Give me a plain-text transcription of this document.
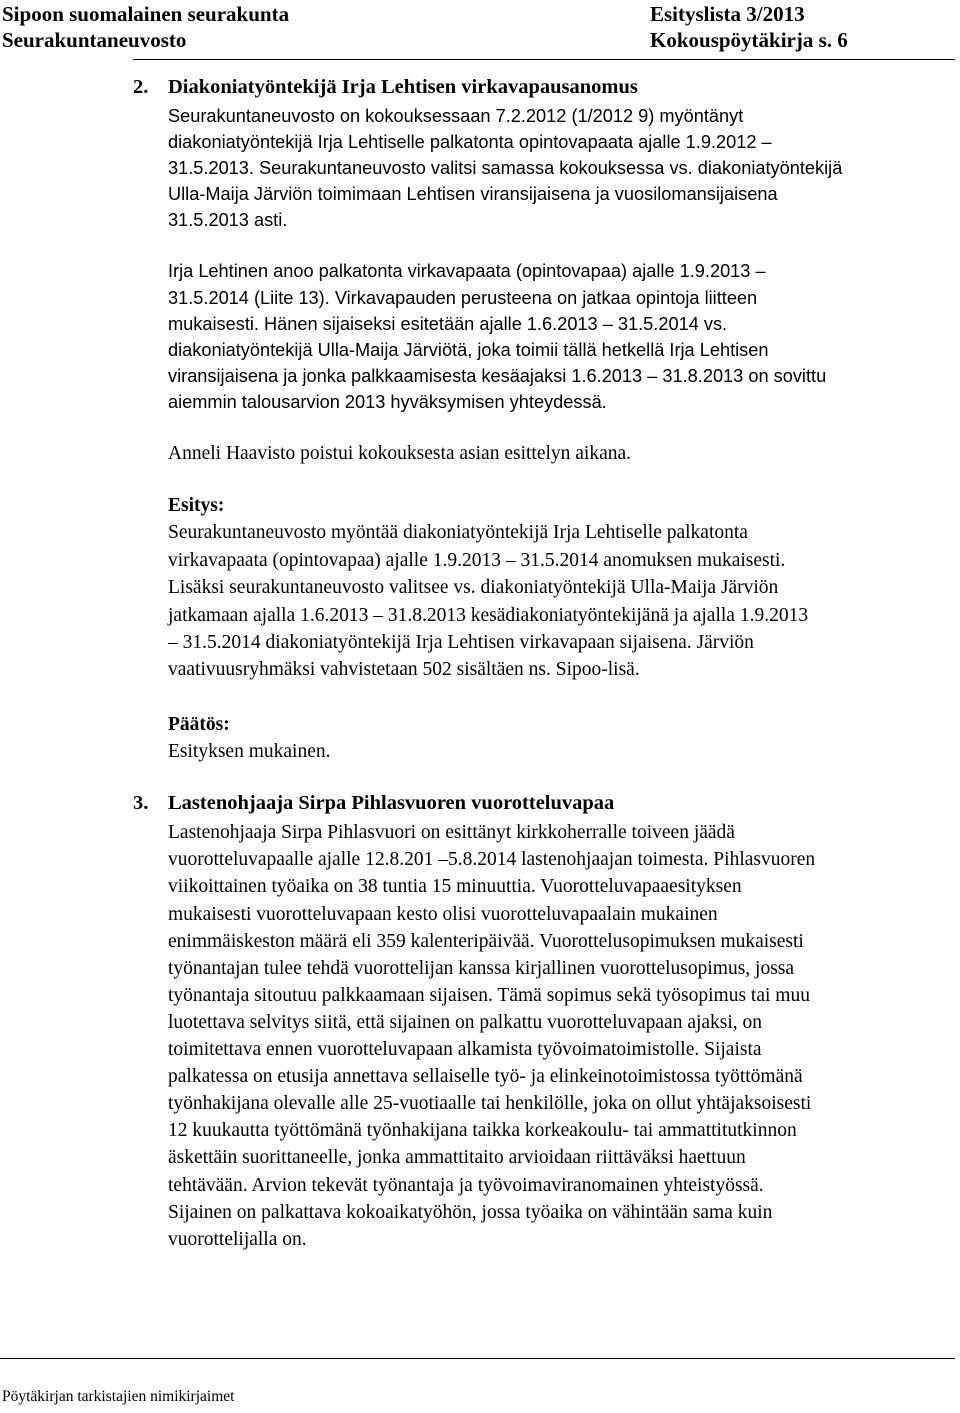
Sipoon suomalainen seurakunta
Seurakuntaneuvosto
Esityslista 3/2013
Kokouspöytäkirja s. 6
2. Diakoniatyöntekijä Irja Lehtisen virkavapausanomus
Seurakuntaneuvosto on kokouksessaan 7.2.2012 (1/2012 9) myöntänyt
diakoniatyöntekijä Irja Lehtiselle palkatonta opintovapaata ajalle 1.9.2012 –
31.5.2013. Seurakuntaneuvosto valitsi samassa kokouksessa vs. diakoniatyöntekijä
Ulla-Maija Järviön toimimaan Lehtisen viransijaisena ja vuosilomansijaisena
31.5.2013 asti.
Irja Lehtinen anoo palkatonta virkavapaata (opintovapaa) ajalle 1.9.2013 –
31.5.2014 (Liite 13). Virkavapauden perusteena on jatkaa opintoja liitteen
mukaisesti. Hänen sijaiseksi esitetään ajalle 1.6.2013 – 31.5.2014 vs.
diakoniatyöntekijä Ulla-Maija Järviötä, joka toimii tällä hetkellä Irja Lehtisen
viransijaisena ja jonka palkkaamisesta kesäajaksi 1.6.2013 – 31.8.2013 on sovittu
aiemmin talousarvion 2013 hyväksymisen yhteydessä.
Anneli Haavisto poistui kokouksesta asian esittelyn aikana.
Esitys:
Seurakuntaneuvosto myöntää diakoniatyöntekijä Irja Lehtiselle palkatonta
virkavapaata (opintovapaa) ajalle 1.9.2013 – 31.5.2014 anomuksen mukaisesti.
Lisäksi seurakuntaneuvosto valitsee vs. diakoniatyöntekijä Ulla-Maija Järviön
jatkamaan ajalla 1.6.2013 – 31.8.2013 kesädiakoniatyöntekijänä ja ajalla 1.9.2013
– 31.5.2014 diakoniatyöntekijä Irja Lehtisen virkavapaan sijaisena. Järviön
vaativuusryhmäksi vahvistetaan 502 sisältäen ns. Sipoo-lisä.
Päätös:
Esityksen mukainen.
3. Lastenohjaaja Sirpa Pihlasvuoren vuorotteluvapaa
Lastenohjaaja Sirpa Pihlasvuori on esittänyt kirkkoherralle toiveen jäädä
vuorotteluvapaalle ajalle 12.8.201 –5.8.2014 lastenohjaajan toimesta. Pihlasvuoren
viikoittainen työaika on 38 tuntia 15 minuuttia. Vuorotteluvapaaesityksen
mukaisesti vuorotteluvapaan kesto olisi vuorotteluvapaalain mukainen
enimmäiskeston määrä eli 359 kalenteripäivää. Vuorottelusopimuksen mukaisesti
työnantajan tulee tehdä vuorottelijan kanssa kirjallinen vuorottelusopimus, jossa
työnantaja sitoutuu palkkaamaan sijaisen. Tämä sopimus sekä työsopimus tai muu
luotettava selvitys siitä, että sijainen on palkattu vuorotteluvapaan ajaksi, on
toimitettava ennen vuorotteluvapaan alkamista työvoimatoimistolle. Sijaista
palkatessa on etusija annettava sellaiselle työ- ja elinkeinotoimistossa työttömänä
työnhakijana olevalle alle 25-vuotiaalle tai henkilölle, joka on ollut yhtäjaksoisesti
12 kuukautta työttömänä työnhakijana taikka korkeakoulu- tai ammattitutkinnon
äskettäin suorittaneelle, jonka ammattitaito arvioidaan riittäväksi haettuun
tehtävään. Arvion tekevät työnantaja ja työvoimaviranomainen yhteistyössä.
Sijainen on palkattava kokoaikatyöhön, jossa työaika on vähintään sama kuin
vuorottelijalla on.
Pöytäkirjan tarkistajien nimikirjaimet
